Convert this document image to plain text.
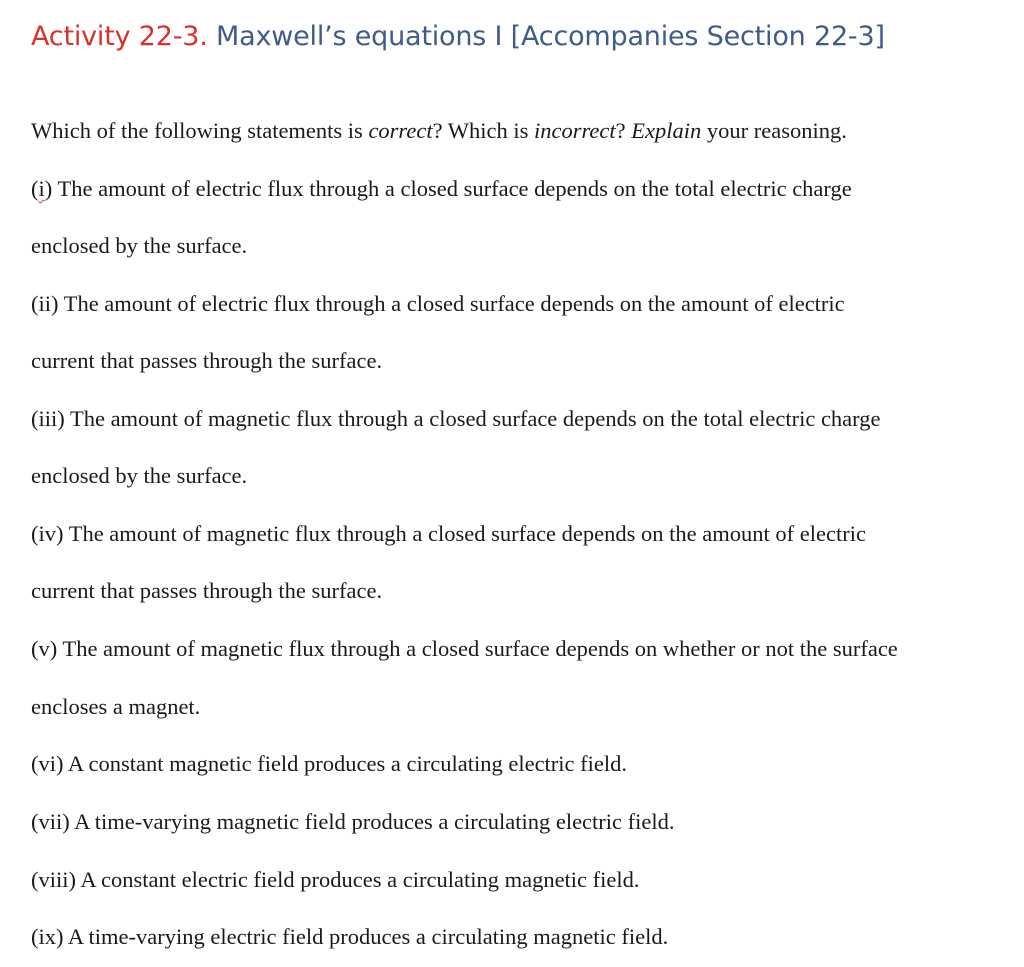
Activity 22-3. Maxwell’s equations I [Accompanies Section 22-3]

Which of the following statements is correct? Which is incorrect? Explain your reasoning.

(i) The amount of electric flux through a closed surface depends on the total electric charge

enclosed by the surface.

(ii) The amount of electric flux through a closed surface depends on the amount of electric

current that passes through the surface.

(iii) The amount of magnetic flux through a closed surface depends on the total electric charge

enclosed by the surface.

(iv) The amount of magnetic flux through a closed surface depends on the amount of electric

current that passes through the surface.

(v) The amount of magnetic flux through a closed surface depends on whether or not the surface

encloses a magnet.

(vi) A constant magnetic field produces a circulating electric field.

(vii) A time-varying magnetic field produces a circulating electric field.

(viii) A constant electric field produces a circulating magnetic field.

(ix) A time-varying electric field produces a circulating magnetic field.
